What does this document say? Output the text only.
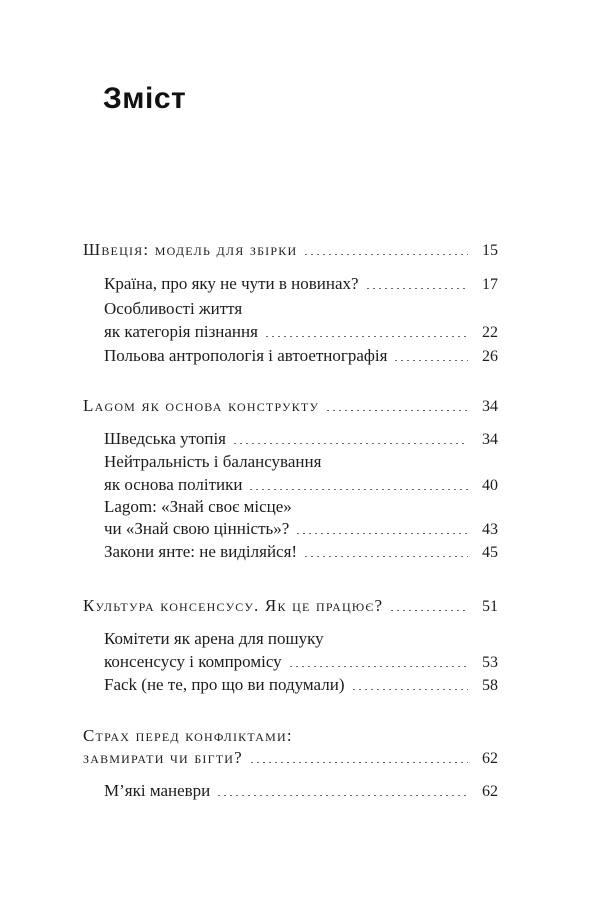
Зміст
Швеція: модель для збірки	15
Країна, про яку не чути в новинах?	17
Особливості життя
як категорія пізнання	22
Польова антропологія і автоетнографія	26
Lagom як основа конструкту	34
Шведська утопія	34
Нейтральність і балансування
як основа політики	40
Lagom: «Знай своє місце»
чи «Знай свою цінність»?	43
Закони янте: не виділяйся!	45
Культура консенсусу. Як це працює?	51
Комітети як арена для пошуку
консенсусу і компромісу	53
Fack (не те, про що ви подумали)	58
Страх перед конфліктами:
завмирати чи бігти?	62
М’які маневри	62
